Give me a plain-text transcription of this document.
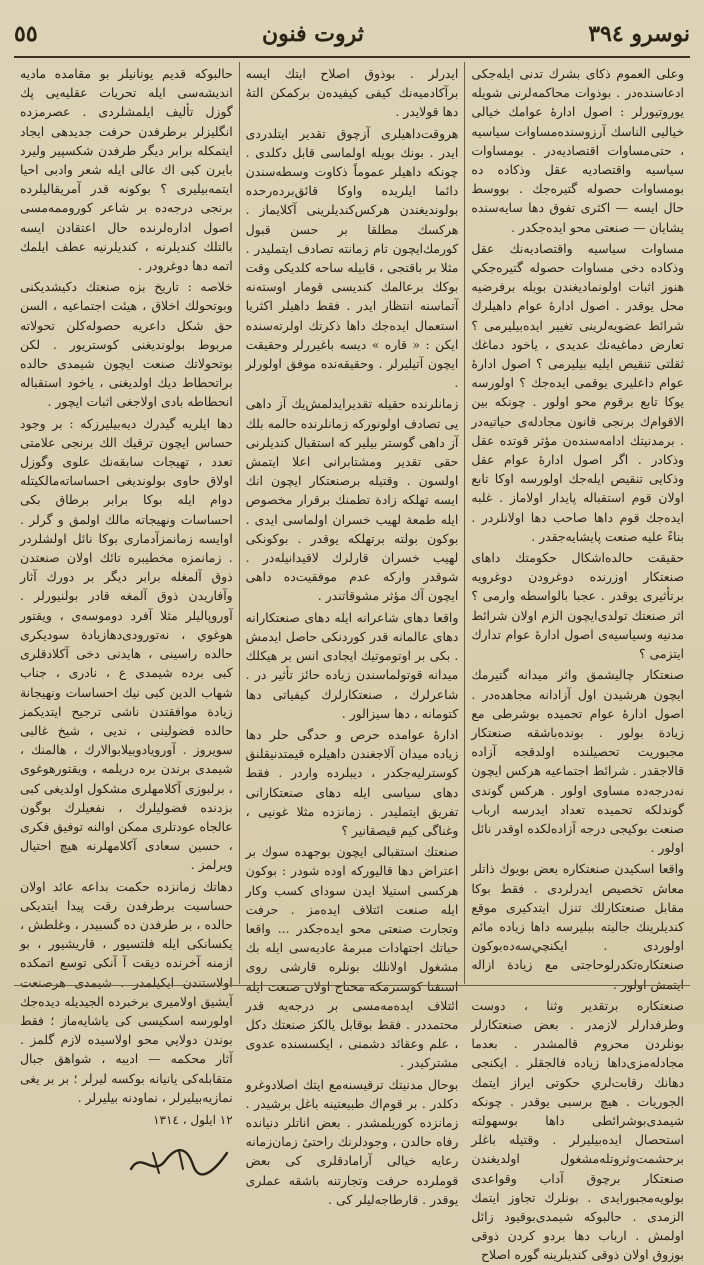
نوسرو ٣٩٤
ثروت فنون
٥٥

وعلى العموم ذكاى بشرك تدنى ايله‌جكى ادعاسنده‌در . بوذوات محاكمه‌لرنى شويله يوروتيورلر : اصول ادارهٔ عوامك خيالى خياليى الناسك آرزوسنده‌مساوات سياسيه ، حتى‌مساوات اقتصاديه‌در . بومساوات سياسيه واقتصاديه عقل وذكاده ده بومساوات حصوله گتيره‌جك . بووسط حال ايسه — اكثرى تفوق دها سايه‌سنده يشايان — صنعتى محو ايده‌جكدر .

مساوات سياسيه واقتصاديه‌نك عقل وذكاده دخى مساوات حصوله گتيره‌جكي هنوز اثبات اولونماديغندن بوبله برفرضيه محل يوقدر . اصول ادارهٔ عوام داهيلرك شرائط عضويه‌لرينى تغيير ايده‌بيليرمى ؟ تعارض دماغيه‌نك عديدى ، ياخود دماغك ثقلتى تنقيص ايليه بيليرمى ؟ اصول ادارهٔ عوام داعليرى يوقمى ايده‌جك ؟ اولورسه يوكا تابع برقوم محو اولور . چونكه بين الاقوام‌ك برنجى قانون مجادله‌ى حياتيه‌در . برمدنيتك ادامه‌سنده‌ن مؤثر قوتده عقل وذكادر . اگر اصول ادارهٔ عوام عقل وذكايى تنقيص ايله‌جك اولورسه اوكا تابع اولان قوم استقباله پايدار اولاماز . غلبه ايده‌جك قوم داها صاحب دها اولانلردر . بناءً عليه صنعت پايشايه‌جقدر .

حقيقت حالده‌اشكال حكومتك داهاى صنعتكار اوزرنده دوغرودن دوغرويه برتأثيرى يوقدر . عجبا بالواسطه وارمى ؟ اثر صنعتك تولدى‌ايچون الزم اولان شرائط مدنيه وسياسيه‌ى اصول ادارهٔ عوام تدارك ايتزمى ؟

صنعتكار چالیشمق واثر ميدانه گتيرمك ايچون هرشيدن اول آزادانه مجاهده‌در . اصول ادارهٔ عوام تحميده بوشرطى مع زيادة بولور . بونده‌باشقه صنعتكار مجبوريت تحصيلنده اولدقجه آزاده قالاجقدر . شرائط اجتماعيه هركس ايچون نه‌درجه‌ده مساوى اولور . هركس گوندى گوندلكه تحميده تعداد ايدرسه ارباب صنعت بوكيجى درجه آزاده‌لكده اوقدر نائل اولور .

واقعا اسكيدن صنعتكاره بعض بويوك ذاتلر معاش تخصيص ايدرلردى . فقط بوكا مقابل صنعتكارلك تنزل ايتدكيرى موقع كنديلرينك جاليته ببليرسه داها زياده مائم اولوردى . ايكنچي‌سه‌ده‌بوكون صنعتكاره‌تكدرلوحاجتى مع زيادة ازاله ايتمش اولور .

صنعتكاره برتقدير وثنا ، دوست وطرفدارلر لازمدر . بعض صنعتكارلر بونلردن محروم قالمشدر . بعدما مجادله‌مزى‌داها زياده فالجقلر . ايكنجى دهانك رقابت‌لري حكوتى ايراز ايتمك الجوريات . هيچ برسبى يوقدر . چونكه شيمدى‌بوشرائطى داها بوسهولته استحصال ايده‌بيليرلر . وقتيله باغلر برحشمت‌وثروتله‌مشغول اولديغندن صنعتكار برچوق آداب وقواعدى بولويه‌مجبورايدى . بونلرك تجاوز ايتمك الزمدى . حالبوكه شيمدى‌بوقيود زائل اولمش . ارباب دها بردو كردن ذوقى بوزوق اولان ذوقى كنديلرينه گوره اصلاح

ايدرلر . بوذوق اصلاح ايتك ايسه برآكادميه‌نك كيفى كيفيده‌ن بركمكن التهٔ دها قولايدر .

هروقت‌داهيلرى آزچوق تقدير ايتلدردى ايدر . بونك بويله اولماسى قابل دكلدى . چونكه داهيلر عموماً ذكاوت وسطه‌سندن دائما ايلريده واوكا قائق‌برده‌رحده بولونديغندن هركس‌كنديلرينى آكلايماز . هركسك مطلقا بر حسن قبول كورمك‌ايچون تام زمانته تصادف ايتمليدر . مثلا بر باقتجى ، قابيله ساحه كلديكى وقت بوكك برعالمك كنديسى قومار اوسته‌نه آتماسنه انتظار ايدر . فقط داهيلر اكثريا استعمال ايده‌جك داها ذكرتك اولرته‌سنده ايكن : « قاره » ديسه باغيررلر وحقيقت ايچون آتيليرلر . وحقيقه‌نده موفق اولورلر .

زمانلرنده حقيله تقديرايدلمش‌يك آز داهى يى تصادف اولونوركه زمانلرنده حالمه بلك آز داهى گوستر بيلير كه استقبال كنديلرنى حقى تقدير ومشتابرانى اعلا ايتمش اولسون . وقتيله برصنعتكار ايچون انك ايسه تهلكه زادة تطمنك برقرار مخصوص ايله طمعة لهيب خسران اولماسى ايدى . بوكون بولته برتهلكه يوقدر . بوكونكى لهيب خسران قارلرك لاقيدانيله‌در . شوقدر واركه عدم موفقيت‌ده داهى ايچون آك مؤثر مشوقاتندر .

واقعا دهاى شاعرانه ايله دهاى صنعتكارانه دهاى عالمانه قدر كوردنكى حاصل ايدمش . بكى بر اوتوموتيك ايجادى انس بر هيكلك ميدانه قوتولماسندن زياده حائز تأثير در . شاعرلرك ، صنعتكارلرك كيفياتى دها كتومانه ، دها سيزالور .

ادارهٔ عوامده حرص و حدگى حلر دها زياده ميدان آلاجغندن داهيلره قيمتدنيقلنق كوسترليه‌جكدر ، ديبلرده واردر . فقط دهاى سياسى ايله دهاى صنعتكارانى تفريق ايتمليدر . زمانزده مثلا غونيى ، وغناگى كيم قيصقانير ؟

صنعتك استقبالى ايچون بوجهده سوك بر اعتراض دها قاليوركه اوده شودر : بوكون هركسى استيلا ايدن سودای كسب وكار ايله صنعت ائتلاف ايده‌مز . حرفت وتجارت صنعتى محو ايده‌جكدر ... واقعا حياتك اجتهادات مبرمهٔ عاديه‌سى ايله بك مشغول اولانلك بونلره قارشى روى استفنا كوسترمكه محتاج اولان صنعت ايله ائتلاف ايده‌مه‌مسى بر درجه‌يه قدر محتمددر . فقط بوقابل يالكز صنعتك دكل ، علم وعقائد دشمنى ، ايكسسنده عدوى مشتركيدر .

بوحال مدنيتك ترقيسنه‌مع ايتك اصلادوغرو دكلدر . بر قوم‌اك طبيعتينه باغل برشيدر . زمانزده كوريلمشدر . بعض اناتلر دنيانده رفاه حالدن ، وجودلرنك راحتىٔ زمان‌زمانه رعايه خيالى آرامادقلرى كى بعض قوملرده حرفت وتجارتنه باشقه عملرى يوقدر . قارطاجه‌ليلر كى .

حالبوكه قدیم يونانيلر بو مقامده‌ مادیه اندیشه‌سی ايله تحريات عقليه‌يى پك گوزل تأليف ايلمشلردى . عصرمزده‌ انگليزلر برطرفدن حرفت جديدهى ايجاد ايتمكله برابر ديگر طرفدن شكسپير وليرد بايرن كبى اك عالى ايله شعر وادبى احيا ايتمه‌بيليرى ؟ بوكونه قدر آمريقاليلرده برنجى درجه‌ده بر شاعر كوروممه‌مسى اصول اداره‌لرنده حال اعتقادن ايسه بالتلك كنديلرنه ، كنديلرنيه عطف ايلمك اتمه دها دوغرودر .

خلاصه : تاريخ بزه صنعتك دكيشديكنى وبوتحولك اخلاق ، هيئت اجتماعيه ، السن حق شكل داعريه حصوله‌كلن تحولاته مربوط بولونديغنى كوستريور . لكن بوتحولاتك صنعت ايچون شيمدى حالده براتحطاط ديك اولديغنى ، ياخود استقباله انحطاطه بادى اولاجغى اثبات ايچور .

دها ايلريه گيدرك ديه‌بيليرزكه : بر وجود حساس ايچون ترقيك الك برنجى علامتى تعدد ، تهيجات سابقه‌نك علوى وگوزل اولاق حاوى بولونديغى احساساته‌مالكيتله دوام ايله بوكا برابر برطاق بكى احساسات ونهيجاته مالك اولمق و گرلر . اوايسه زمانمزآدمارى بوكا نائل اولشلردر . زمانمزه مخطيبره تائك اولان صنعتدن ذوق آلمغله برابر ديگر بر دورك آثار وآفاريدن ذوق آلمغه قادر بولنيورلر . آوروپاليلر مثلا آفرد دوموسه‌‌ى ، ويقتور هوغو‌ي ، نه‌تورودى‌دها‌زيادة سوديكرى حالده راسينى ، هايدنى دخى آكلادقلرى كبى برده شيمدى ع ، نادرى ، جناب شهاب الدين كبى نيك احساسات ونهيجانة زيادة موافقتدن ناشى ترجيح ايتديكمز حالده فضولينى ، نديى ، شيخ غالبى‌ سويروز . آورويادوبيلابوالارك ، هالمنك ، شيمدى برندن بره دريلمه ، ويقتورهوغو‌ى ، برلبوزى آكلامهلرى مشكول اولديغى كبى بزدنده فضوليلرك ، نفعيلرك بوگون عالجاه عودتلرى ممكن اوالنه توفيق فكرى ، حسين سعادى آكلامهلرنه هيچ احتيال ويرلمز .

دهاتك زمانزده حكمت بداعه عائد اولان حساسيت برطرفدن رقت پيدا ايتديكى حالده ، بر طرفدن ده گسبيدر ، وغلطش ، يكسانكى ايله فلتسيور ، قاريشيور ، بو ازمنه آخرنده ديقت آ آنكى توسع اتمكده اولاستندن‌ ايكيلمدر . شيمدى هرصنعت آيشيق اولاميرى برخبرده الجيديله ديده‌جك اولورسه اسكيسى كى ياشايه‌ماز ؛ فقط بوندن دولايي محو اولاسيده لازم گلمز . آثار محكمه — اديبه ، شواهق جبال متقابله‌كى يانيانه بوكسه ليرلر ؛ بر بر يغى نمازيه‌بيليرلر ، نماودنه بيليرلر .

١٢ ايلول ، ١٣١٤
